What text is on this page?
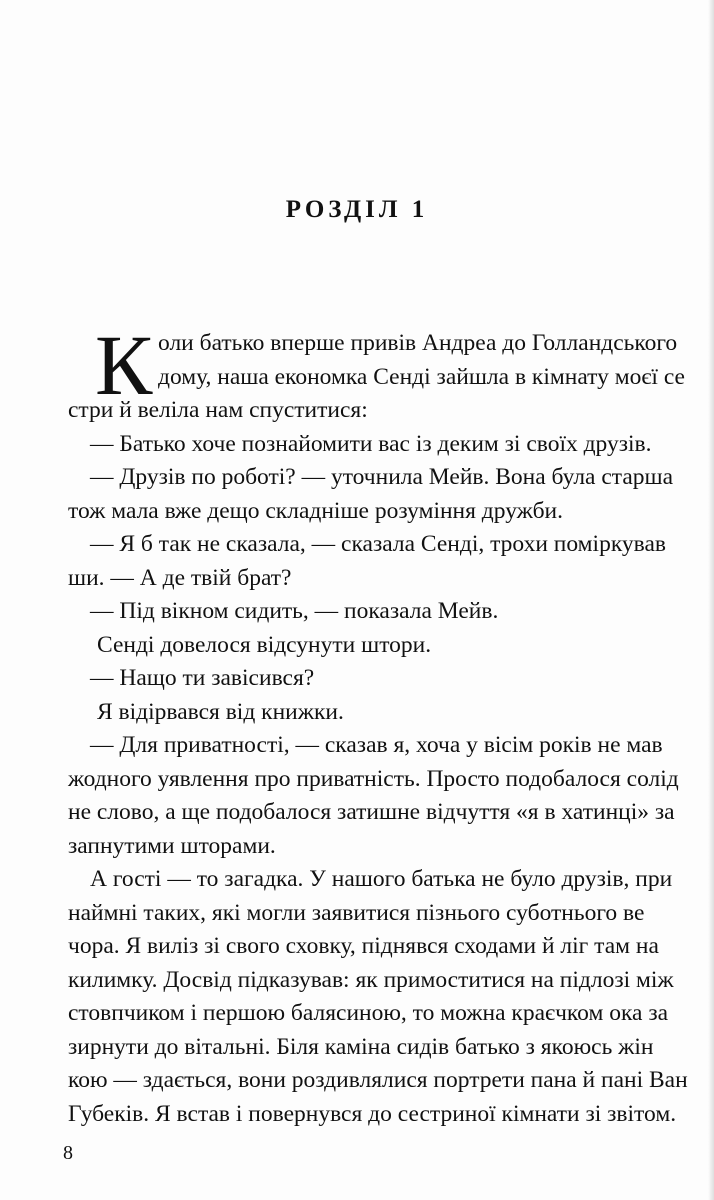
РОЗДІЛ 1
К оли батько вперше привів Андреа до Голландського
дому, наша економка Сенді зайшла в кімнату моєї се
стри й веліла нам спуститися:
— Батько хоче познайомити вас із деким зі своїх друзів.
— Друзів по роботі? — уточнила Мейв. Вона була старша
тож мала вже дещо складніше розуміння дружби.
— Я б так не сказала, — сказала Сенді, трохи поміркував
ши. — А де твій брат?
— Під вікном сидить, — показала Мейв.
Сенді довелося відсунути штори.
— Нащо ти завісився?
Я відірвався від книжки.
— Для приватності, — сказав я, хоча у вісім років не мав
жодного уявлення про приватність. Просто подобалося солід
не слово, а ще подобалося затишне відчуття «я в хатинці» за
запнутими шторами.
А гості — то загадка. У нашого батька не було друзів, при
наймні таких, які могли заявитися пізнього суботнього ве
чора. Я виліз зі свого сховку, піднявся сходами й ліг там на
килимку. Досвід підказував: як примоститися на підлозі між
стовпчиком і першою балясиною, то можна краєчком ока за
зирнути до вітальні. Біля каміна сидів батько з якоюсь жін
кою — здається, вони роздивлялися портрети пана й пані Ван
8
Губеків. Я встав і повернувся до сестриної кімнати зі звітом.
